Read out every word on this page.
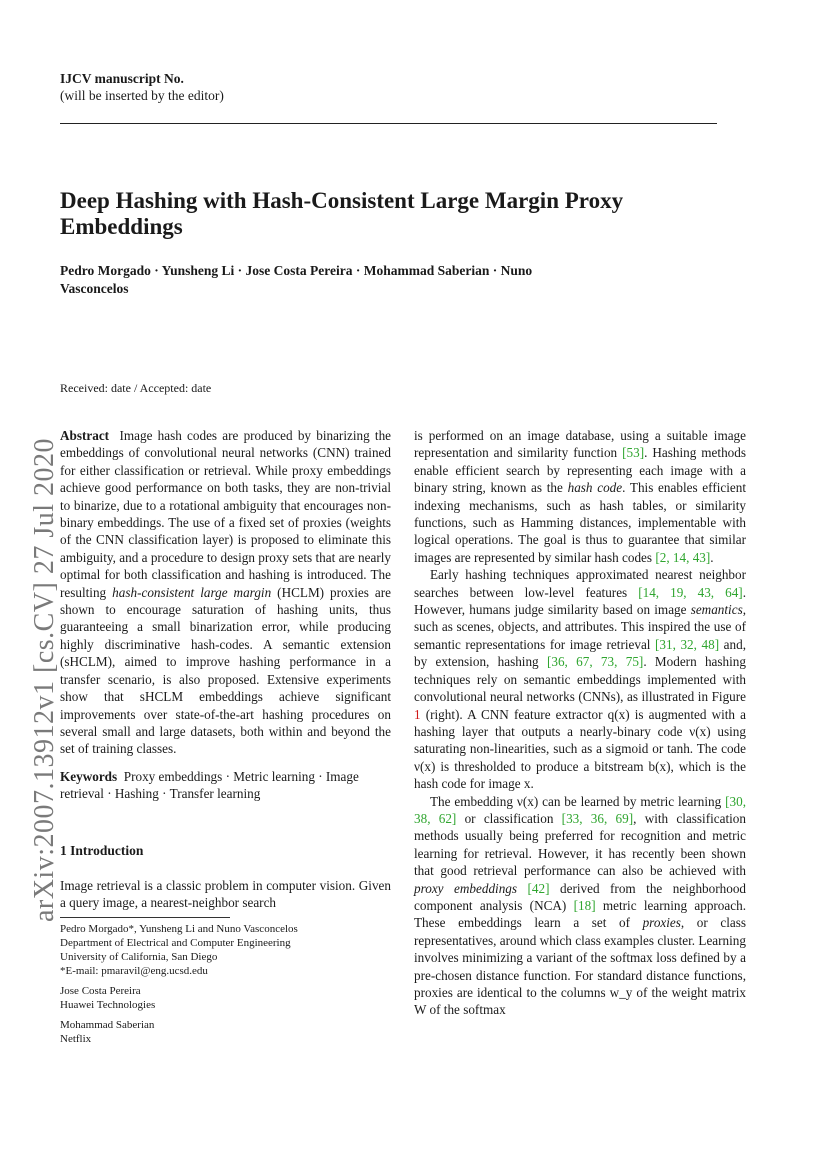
IJCV manuscript No.
(will be inserted by the editor)
Deep Hashing with Hash-Consistent Large Margin Proxy Embeddings
Pedro Morgado · Yunsheng Li · Jose Costa Pereira · Mohammad Saberian · Nuno Vasconcelos
arXiv:2007.13912v1 [cs.CV] 27 Jul 2020
Received: date / Accepted: date

Abstract Image hash codes are produced by binarizing the embeddings of convolutional neural networks (CNN) trained for either classification or retrieval. While proxy embeddings achieve good performance on both tasks, they are non-trivial to binarize, due to a rotational ambiguity that encourages non-binary embeddings. The use of a fixed set of proxies (weights of the CNN classification layer) is proposed to eliminate this ambiguity, and a procedure to design proxy sets that are nearly optimal for both classification and hashing is introduced. The resulting hash-consistent large margin (HCLM) proxies are shown to encourage saturation of hashing units, thus guaranteeing a small binarization error, while producing highly discriminative hash-codes. A semantic extension (sHCLM), aimed to improve hashing performance in a transfer scenario, is also proposed. Extensive experiments show that sHCLM embeddings achieve significant improvements over state-of-the-art hashing procedures on several small and large datasets, both within and beyond the set of training classes.

Keywords Proxy embeddings · Metric learning · Image retrieval · Hashing · Transfer learning

1 Introduction

Image retrieval is a classic problem in computer vision. Given a query image, a nearest-neighbor search

Pedro Morgado*, Yunsheng Li and Nuno Vasconcelos
Department of Electrical and Computer Engineering
University of California, San Diego
*E-mail: pmaravil@eng.ucsd.edu

Jose Costa Pereira
Huawei Technologies

Mohammad Saberian
Netflix

is performed on an image database, using a suitable image representation and similarity function [53]. Hashing methods enable efficient search by representing each image with a binary string, known as the hash code. This enables efficient indexing mechanisms, such as hash tables, or similarity functions, such as Hamming distances, implementable with logical operations. The goal is thus to guarantee that similar images are represented by similar hash codes [2, 14, 43].

Early hashing techniques approximated nearest neighbor searches between low-level features [14, 19, 43, 64]. However, humans judge similarity based on image semantics, such as scenes, objects, and attributes. This inspired the use of semantic representations for image retrieval [31, 32, 48] and, by extension, hashing [36, 67, 73, 75]. Modern hashing techniques rely on semantic embeddings implemented with convolutional neural networks (CNNs), as illustrated in Figure 1 (right). A CNN feature extractor q(x) is augmented with a hashing layer that outputs a nearly-binary code ν(x) using saturating non-linearities, such as a sigmoid or tanh. The code ν(x) is thresholded to produce a bitstream b(x), which is the hash code for image x.

The embedding ν(x) can be learned by metric learning [30, 38, 62] or classification [33, 36, 69], with classification methods usually being preferred for recognition and metric learning for retrieval. However, it has recently been shown that good retrieval performance can also be achieved with proxy embeddings [42] derived from the neighborhood component analysis (NCA) [18] metric learning approach. These embeddings learn a set of proxies, or class representatives, around which class examples cluster. Learning involves minimizing a variant of the softmax loss defined by a pre-chosen distance function. For standard distance functions, proxies are identical to the columns w_y of the weight matrix W of the softmax
